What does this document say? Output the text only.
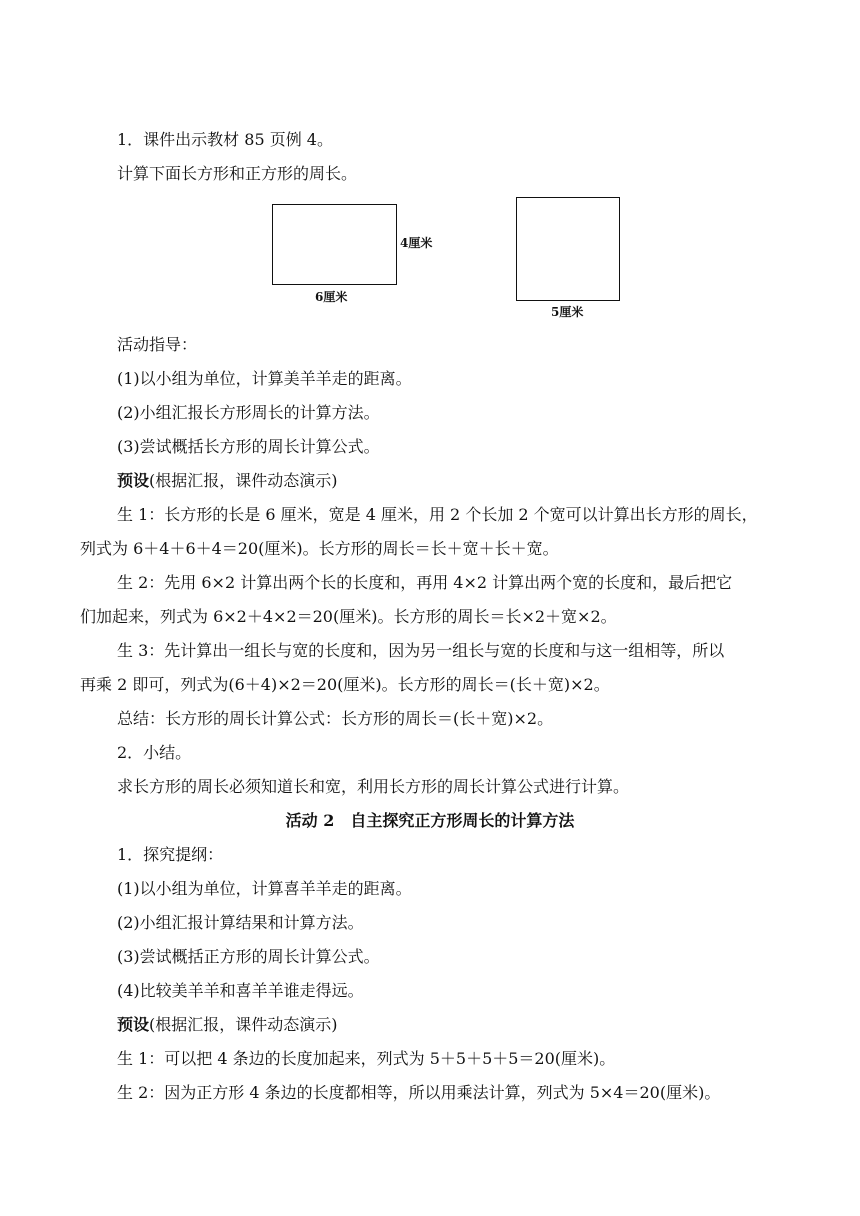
1．课件出示教材 85 页例 4。
计算下面长方形和正方形的周长。
4厘米
6厘米
5厘米
活动指导：
(1)以小组为单位，计算美羊羊走的距离。
(2)小组汇报长方形周长的计算方法。
(3)尝试概括长方形的周长计算公式。
预设(根据汇报，课件动态演示)
生 1：长方形的长是 6 厘米，宽是 4 厘米，用 2 个长加 2 个宽可以计算出长方形的周长，
列式为 6＋4＋6＋4＝20(厘米)。长方形的周长＝长＋宽＋长＋宽。
生 2：先用 6×2 计算出两个长的长度和，再用 4×2 计算出两个宽的长度和，最后把它
们加起来，列式为 6×2＋4×2＝20(厘米)。长方形的周长＝长×2＋宽×2。
生 3：先计算出一组长与宽的长度和，因为另一组长与宽的长度和与这一组相等，所以
再乘 2 即可，列式为(6＋4)×2＝20(厘米)。长方形的周长＝(长＋宽)×2。
总结：长方形的周长计算公式：长方形的周长＝(长＋宽)×2。
2．小结。
求长方形的周长必须知道长和宽，利用长方形的周长计算公式进行计算。
活动 2　自主探究正方形周长的计算方法
1．探究提纲：
(1)以小组为单位，计算喜羊羊走的距离。
(2)小组汇报计算结果和计算方法。
(3)尝试概括正方形的周长计算公式。
(4)比较美羊羊和喜羊羊谁走得远。
预设(根据汇报，课件动态演示)
生 1：可以把 4 条边的长度加起来，列式为 5＋5＋5＋5＝20(厘米)。
生 2：因为正方形 4 条边的长度都相等，所以用乘法计算，列式为 5×4＝20(厘米)。
